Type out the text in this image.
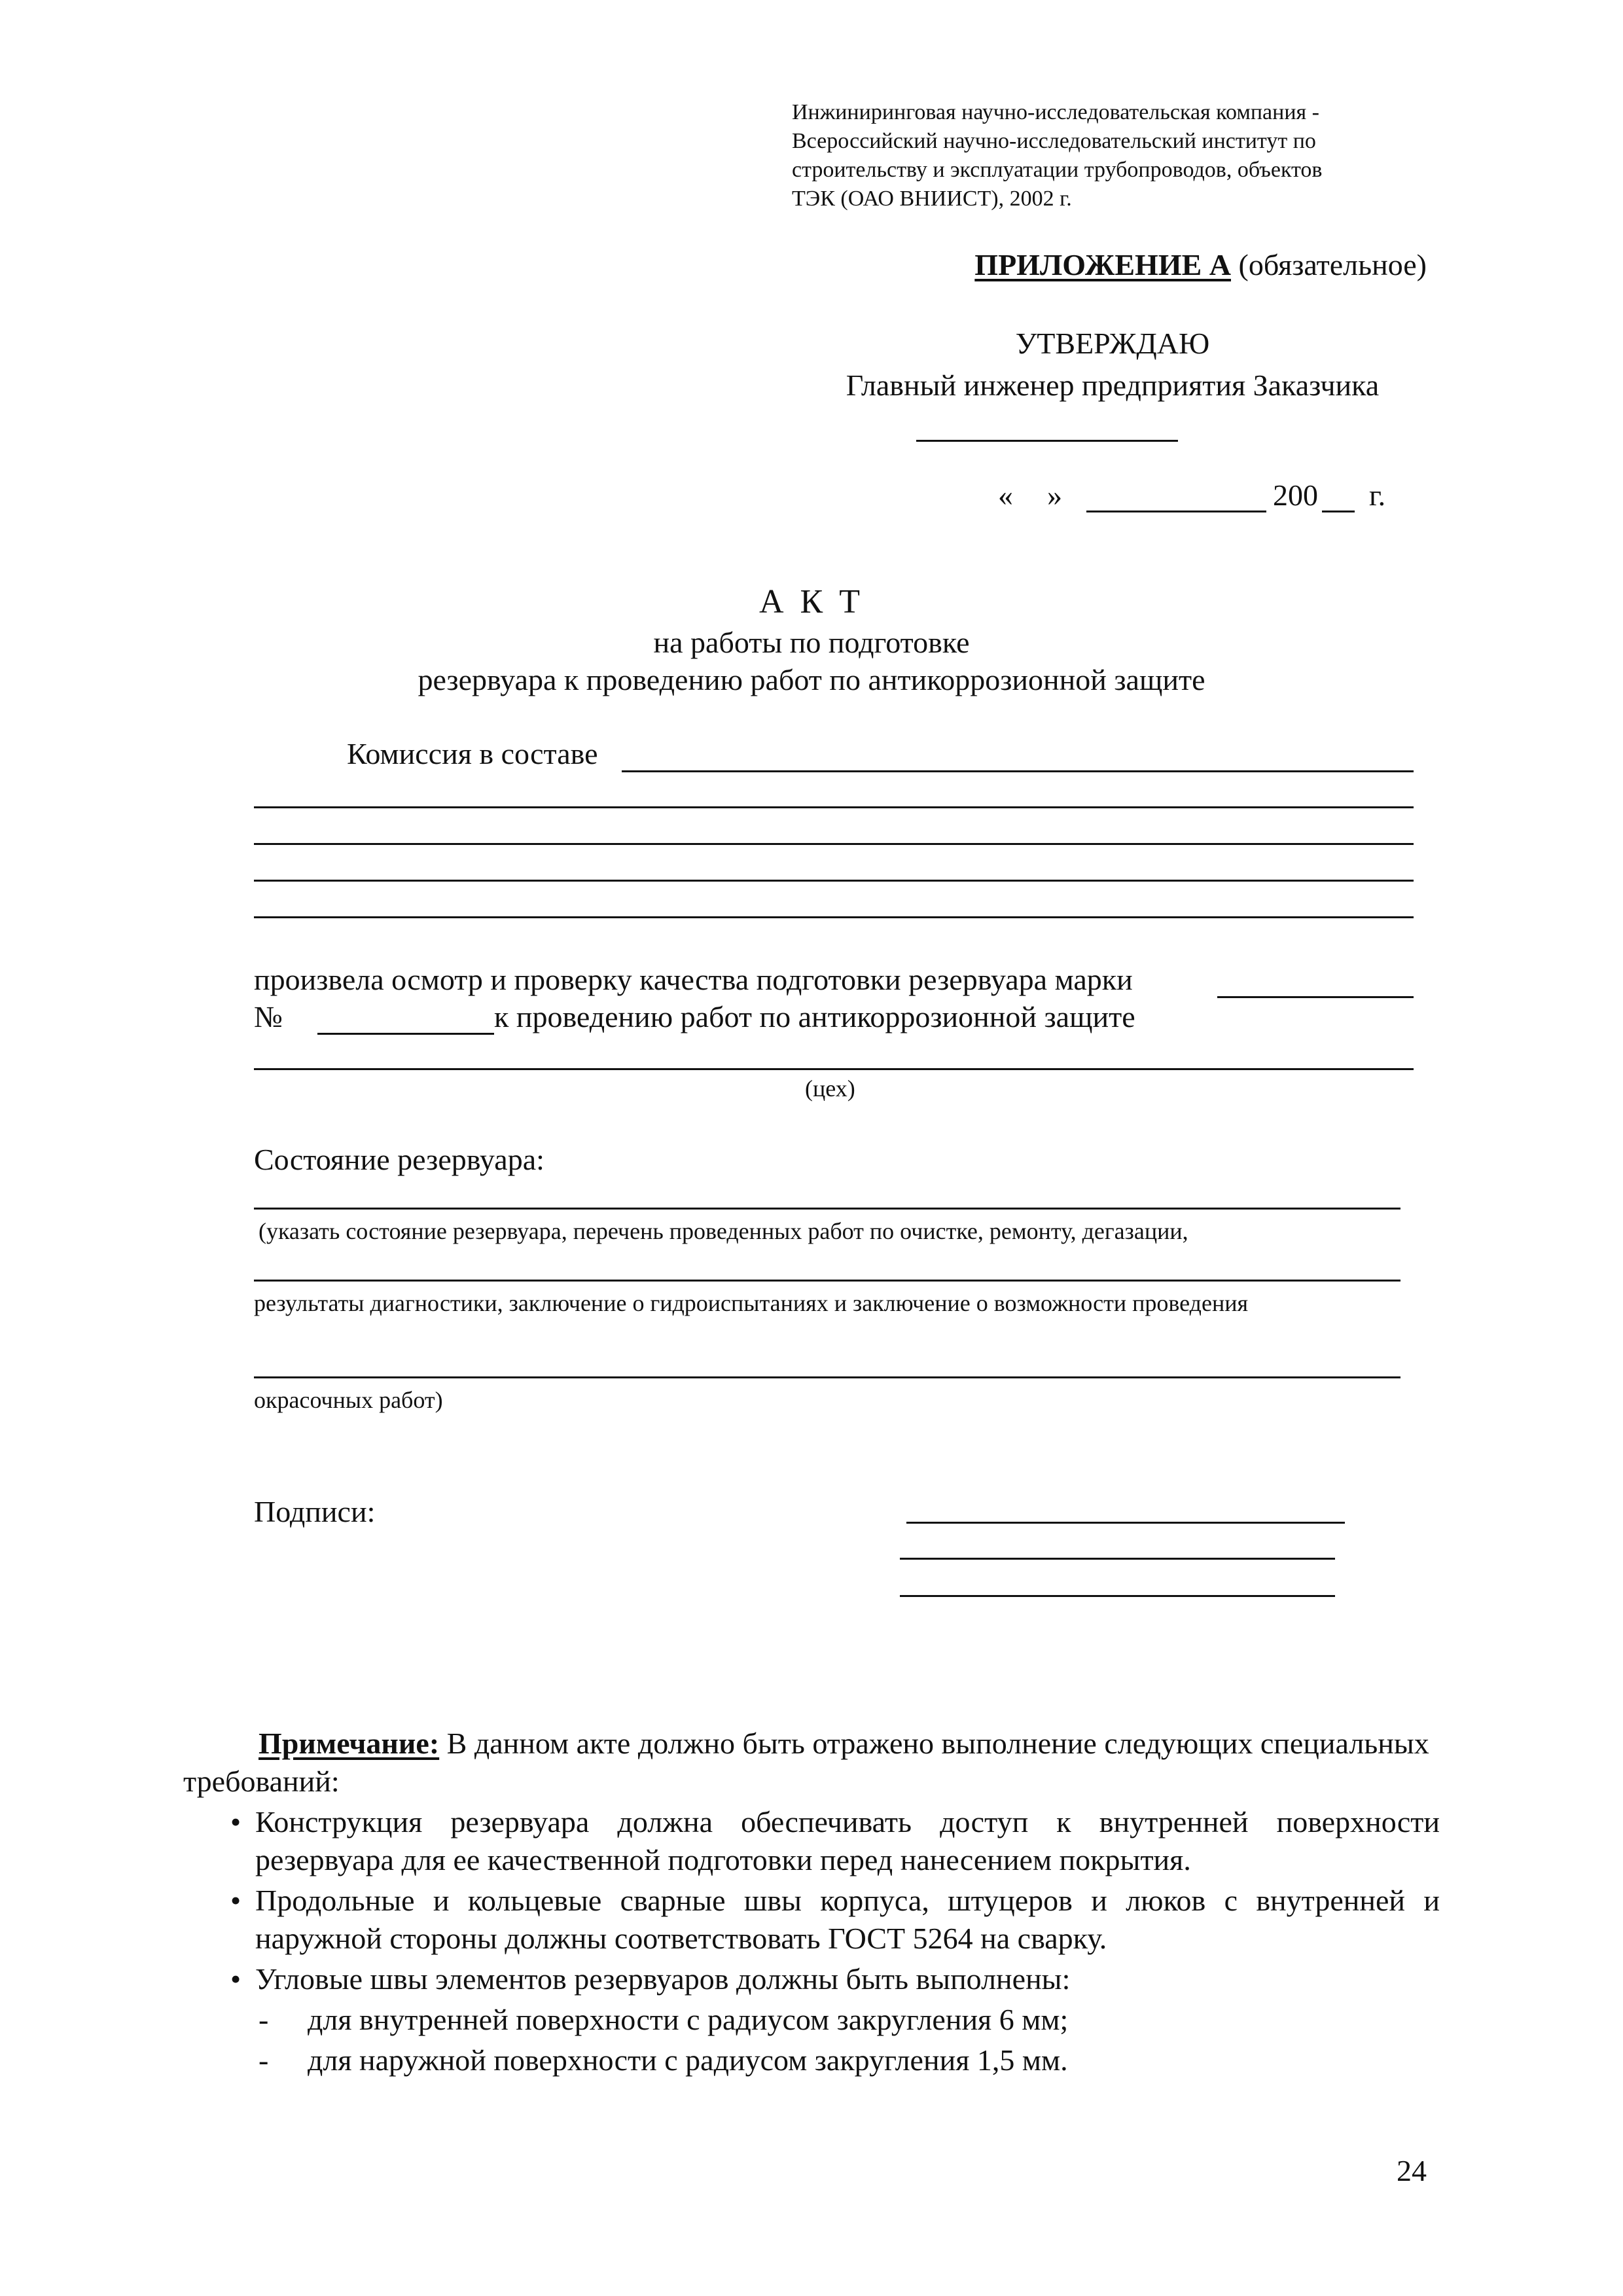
Инжиниринговая научно-исследовательская компания -
Всероссийский научно-исследовательский институт по
строительству и эксплуатации трубопроводов, объектов
ТЭК (ОАО ВНИИСТ), 2002 г.
ПРИЛОЖЕНИЕ А (обязательное)
УТВЕРЖДАЮ
Главный инженер предприятия Заказчика
« »	200 г.
А К Т
на работы по подготовке
резервуара к проведению работ по антикоррозионной защите
Комиссия в составе
произвела осмотр и проверку качества подготовки резервуара марки
№	к проведению работ по антикоррозионной защите
(цех)
Состояние резервуара:
(указать состояние резервуара, перечень проведенных работ по очистке, ремонту, дегазации,
результаты диагностики, заключение о гидроиспытаниях и заключение о возможности проведения
окрасочных работ)
Подписи:

Примечание: В данном акте должно быть отражено выполнение следующих специальных требований:

• Конструкция резервуара должна обеспечивать доступ к внутренней поверхности резервуара для ее качественной подготовки перед нанесением покрытия.
• Продольные и кольцевые сварные швы корпуса, штуцеров и люков с внутренней и наружной стороны должны соответствовать ГОСТ 5264 на сварку.
• Угловые швы элементов резервуаров должны быть выполнены:
- для внутренней поверхности с радиусом закругления 6 мм;
- для наружной поверхности с радиусом закругления 1,5 мм.
24
